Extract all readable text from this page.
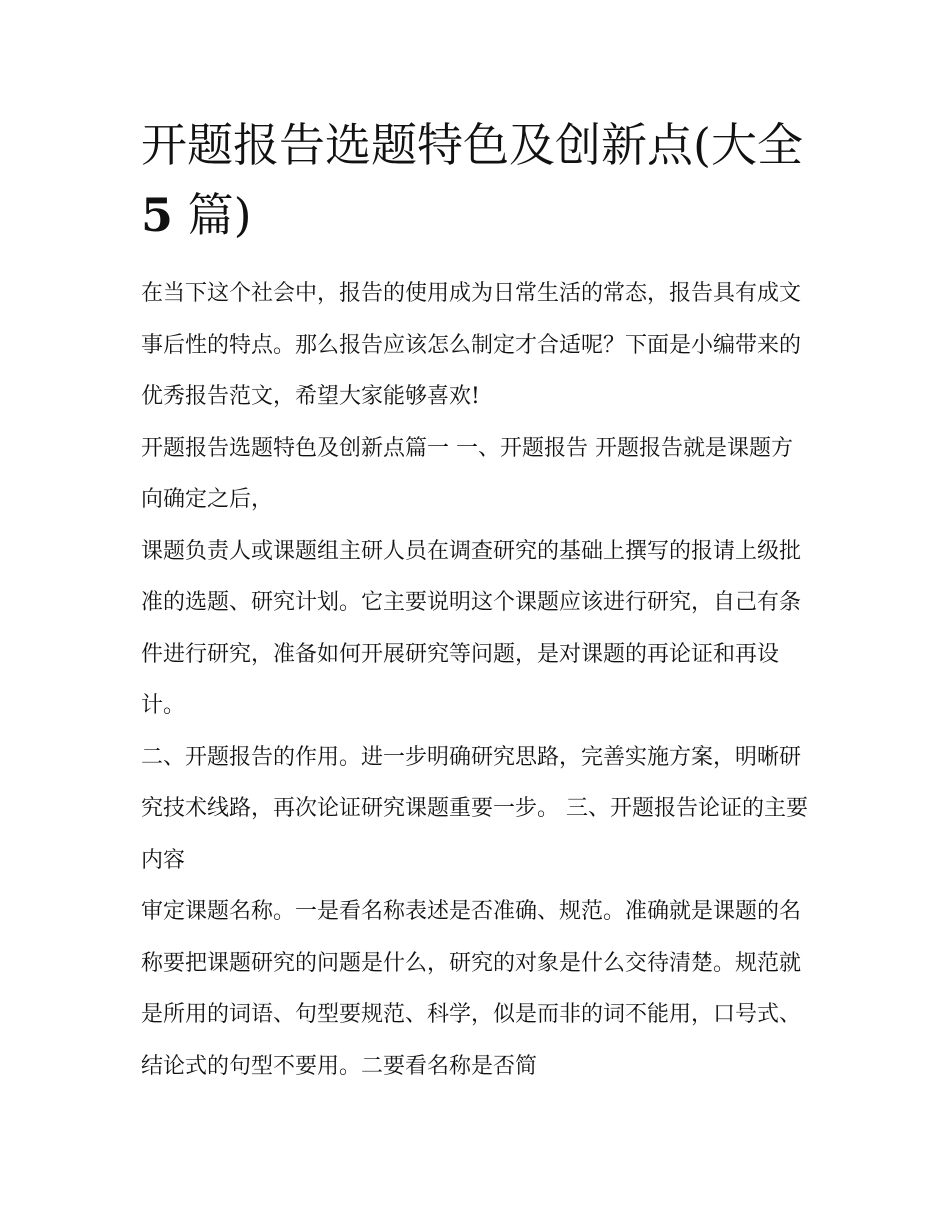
开题报告选题特色及创新点(大全5 篇)

在当下这个社会中，报告的使用成为日常生活的常态，报告具有成文事后性的特点。那么报告应该怎么制定才合适呢？下面是小编带来的优秀报告范文，希望大家能够喜欢!

开题报告选题特色及创新点篇一 一、开题报告 开题报告就是课题方向确定之后，

课题负责人或课题组主研人员在调查研究的基础上撰写的报请上级批准的选题、研究计划。它主要说明这个课题应该进行研究，自己有条件进行研究，准备如何开展研究等问题，是对课题的再论证和再设计。

二、开题报告的作用。进一步明确研究思路，完善实施方案，明晰研究技术线路，再次论证研究课题重要一步。 三、开题报告论证的主要内容

审定课题名称。一是看名称表述是否准确、规范。准确就是课题的名称要把课题研究的问题是什么，研究的对象是什么交待清楚。规范就是所用的词语、句型要规范、科学，似是而非的词不能用，口号式、结论式的句型不要用。二要看名称是否简
